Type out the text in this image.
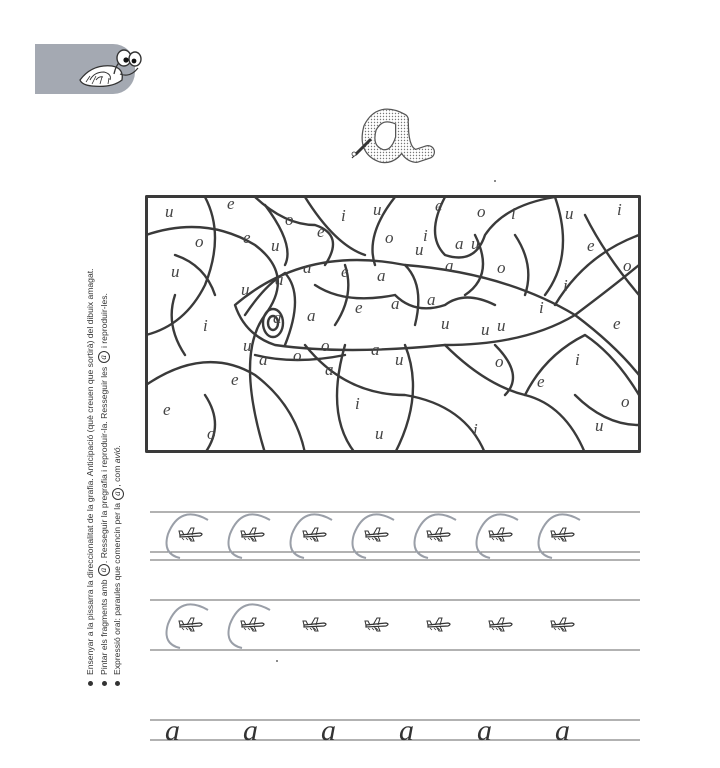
u	e
o	i u	e o i	u	i
o e u
e	o i	u	e
o
u	a
a e a
u
a
a
o
i
u
a a e a a
u
i
u
a o
o a
u u
i
e
a
e
u	o
e
i
e
o
i
u	i
o
u
Ensenyar a la pissarra la direccionalitat de la grafia. Anticipació (què creuen que sortirà) del dibuix amagat. Pintar els fragments amb

a
. Resseguir la pregrafia i reproduir-la. Resseguir les

a

i reproduir-les.
Expressió oral: paraules que comencin per la

a
, com

avió.
a a a a a a
